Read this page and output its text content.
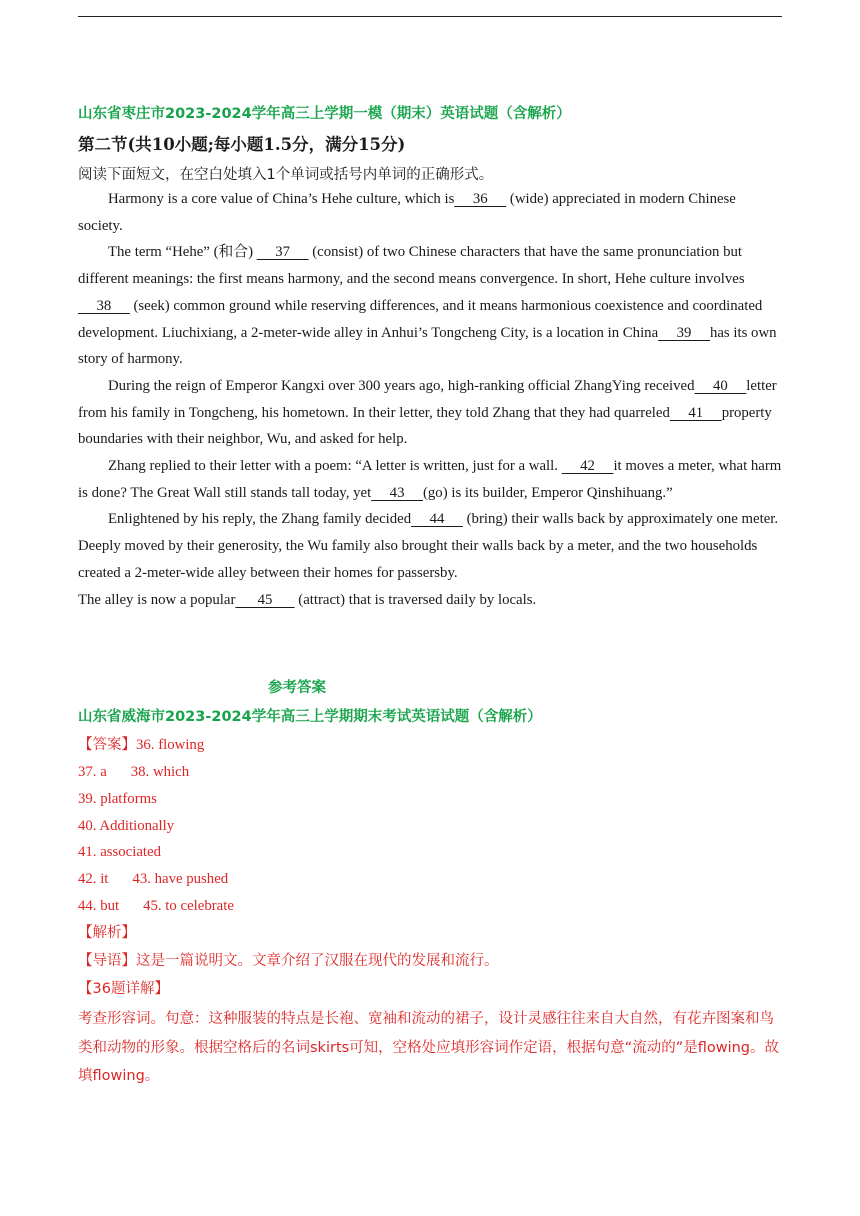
山东省枣庄市2023-2024学年高三上学期一模（期末）英语试题（含解析）
第二节(共10小题;每小题1.5分，满分15分)
阅读下面短文，在空白处填入1个单词或括号内单词的正确形式。

Harmony is a core value of China’s Hehe culture, which is     36      (wide) appreciated in modern Chinese society.

The term “Hehe” (和合)      37      (consist) of two Chinese characters that have the same pronunciation but different meanings: the first means harmony, and the second means convergence. In short, Hehe culture involves     38      (seek) common ground while reserving differences, and it means harmonious coexistence and coordinated development. Liuchixiang, a 2-meter-wide alley in Anhui’s Tongcheng City, is a location in China     39     has its own story of harmony.

During the reign of Emperor Kangxi over 300 years ago, high-ranking official ZhangYing received     40     letter from his family in Tongcheng, his hometown. In their letter, they told Zhang that they had quarreled     41     property boundaries with their neighbor, Wu, and asked for help.

Zhang replied to their letter with a poem: “A letter is written, just for a wall.      42     it moves a meter, what harm is done? The Great Wall still stands tall today, yet     43     (go) is its builder, Emperor Qinshihuang.”

Enlightened by his reply, the Zhang family decided     44      (bring) their walls back by approximately one meter. Deeply moved by their generosity, the Wu family also brought their walls back by a meter, and the two households created a 2-meter-wide alley between their homes for passersby.

The alley is now a popular      45       (attract) that is traversed daily by locals.

参考答案
山东省威海市2023-2024学年高三上学期期末考试英语试题（含解析）
【答案】36. flowing
37. a 38. which
39. platforms
40. Additionally
41. associated
42. it 43. have pushed
44. but 45. to celebrate
【解析】
【导语】这是一篇说明文。文章介绍了汉服在现代的发展和流行。
【36题详解】
考查形容词。句意：这种服装的特点是长袍、宽袖和流动的裙子，设计灵感往往来自大自然，有花卉图案和鸟类和动物的形象。根据空格后的名词skirts可知，空格处应填形容词作定语，根据句意“流动的”是flowing。故填flowing。
